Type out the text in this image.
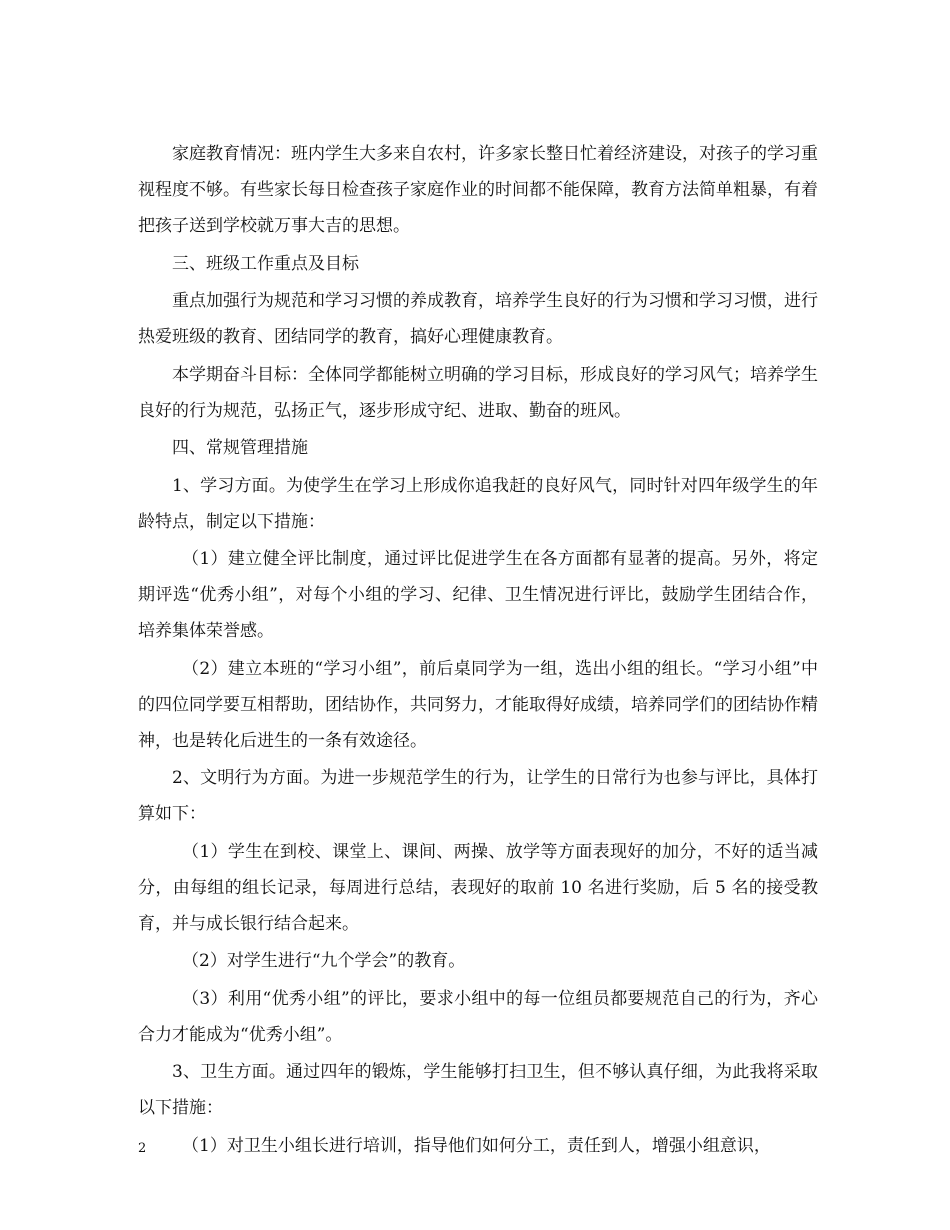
家庭教育情况：班内学生大多来自农村，许多家长整日忙着经济建设，对孩子的学习重视程度不够。有些家长每日检查孩子家庭作业的时间都不能保障，教育方法简单粗暴，有着把孩子送到学校就万事大吉的思想。

三、班级工作重点及目标

重点加强行为规范和学习习惯的养成教育，培养学生良好的行为习惯和学习习惯，进行热爱班级的教育、团结同学的教育，搞好心理健康教育。

本学期奋斗目标：全体同学都能树立明确的学习目标，形成良好的学习风气；培养学生良好的行为规范，弘扬正气，逐步形成守纪、进取、勤奋的班风。

四、常规管理措施

1、学习方面。为使学生在学习上形成你追我赶的良好风气，同时针对四年级学生的年龄特点，制定以下措施：

（1）建立健全评比制度，通过评比促进学生在各方面都有显著的提高。另外，将定期评选“优秀小组”，对每个小组的学习、纪律、卫生情况进行评比，鼓励学生团结合作，培养集体荣誉感。

（2）建立本班的“学习小组”，前后桌同学为一组，选出小组的组长。“学习小组”中的四位同学要互相帮助，团结协作，共同努力，才能取得好成绩，培养同学们的团结协作精神，也是转化后进生的一条有效途径。

2、文明行为方面。为进一步规范学生的行为，让学生的日常行为也参与评比，具体打算如下：

（1）学生在到校、课堂上、课间、两操、放学等方面表现好的加分，不好的适当减分，由每组的组长记录，每周进行总结，表现好的取前 10 名进行奖励，后 5 名的接受教育，并与成长银行结合起来。

（2）对学生进行“九个学会”的教育。

（3）利用“优秀小组”的评比，要求小组中的每一位组员都要规范自己的行为，齐心合力才能成为“优秀小组”。

3、卫生方面。通过四年的锻炼，学生能够打扫卫生，但不够认真仔细，为此我将采取以下措施：

（1）对卫生小组长进行培训，指导他们如何分工，责任到人，增强小组意识，

2
